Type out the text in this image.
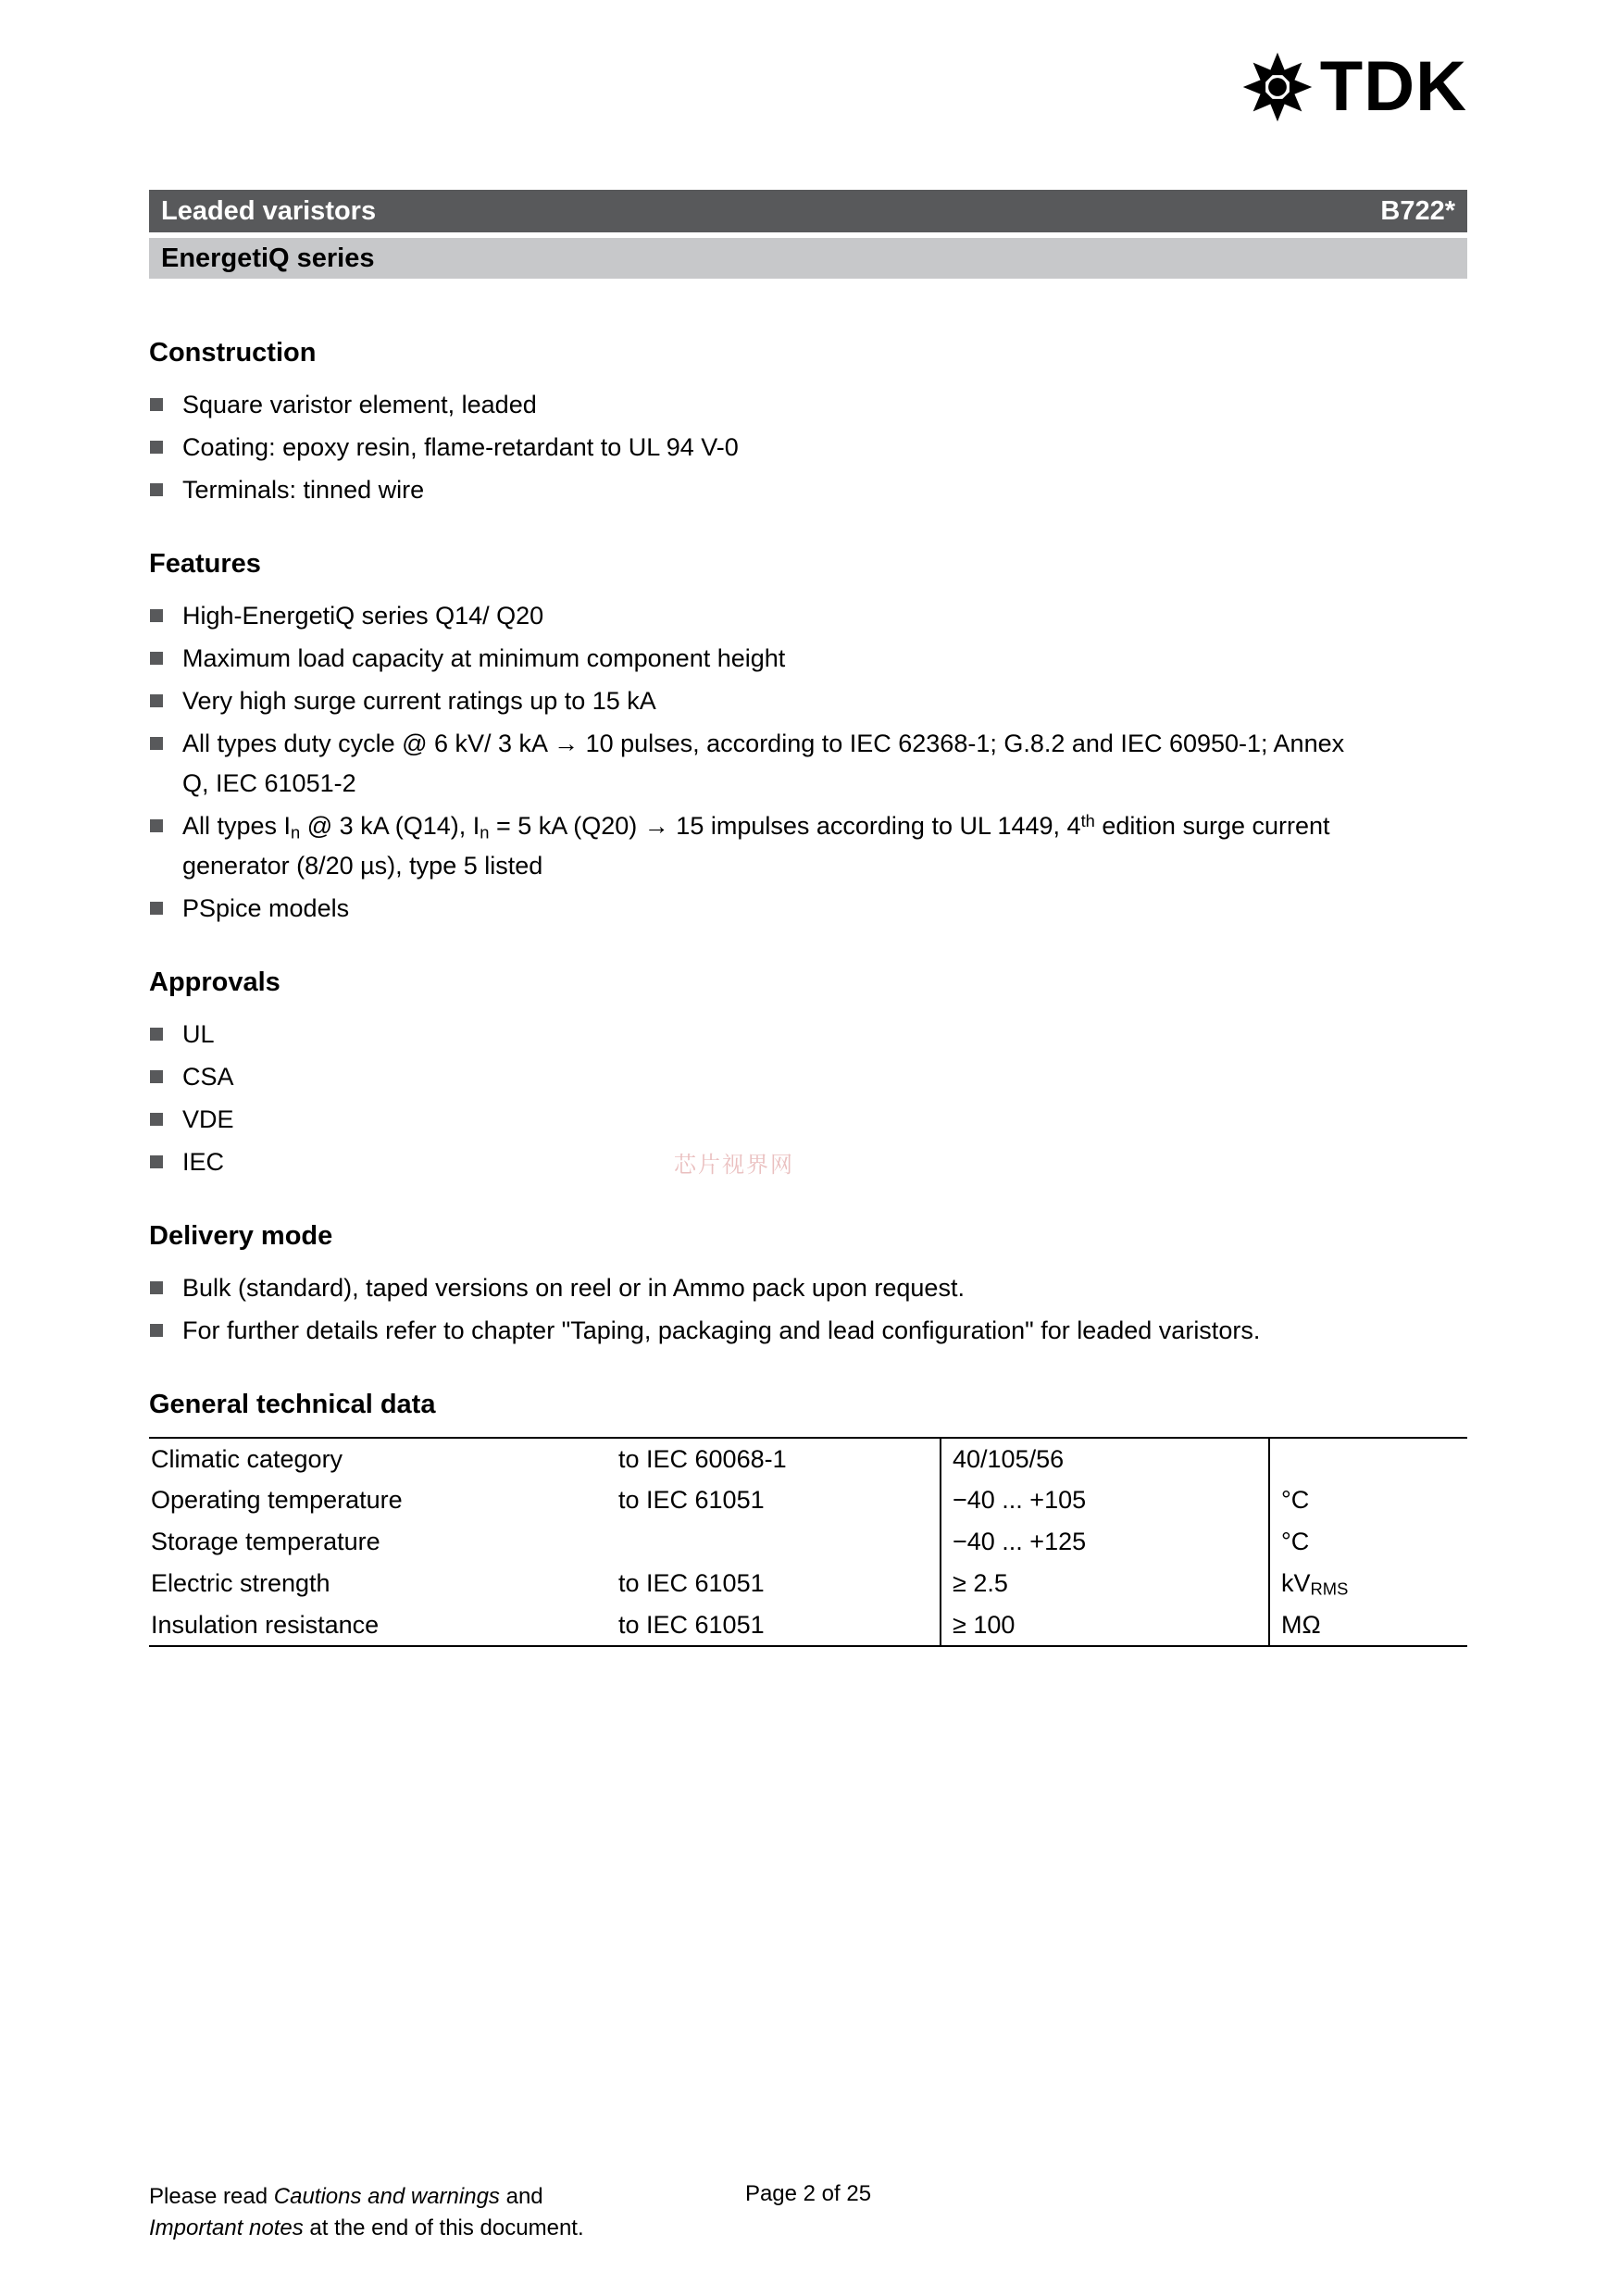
TDK
Leaded varistors	B722*
EnergetiQ series
芯片视界网
Construction
Square varistor element, leaded
Coating: epoxy resin, flame-retardant to UL 94 V-0
Terminals: tinned wire
Features
High-EnergetiQ series Q14/ Q20
Maximum load capacity at minimum component height
Very high surge current ratings up to 15 kA
All types duty cycle @ 6 kV/ 3 kA → 10 pulses, according to IEC 62368-1; G.8.2 and IEC 60950-1; Annex Q, IEC 61051-2
All types $I_n$ @ 3 kA (Q14), $I_n = 5$ kA (Q20) → 15 impulses according to UL 1449, 4th edition surge current generator (8/20 µs), type 5 listed
PSpice models
Approvals
UL
CSA
VDE
IEC
Delivery mode
Bulk (standard), taped versions on reel or in Ammo pack upon request.
For further details refer to chapter "Taping, packaging and lead configuration" for leaded varistors.
General technical data
Climatic category	to IEC 60068-1	40/105/56	
Operating temperature	to IEC 61051	−40 ... +105	°C
Storage temperature		−40 ... +125	°C
Electric strength	to IEC 61051	≥ 2.5	$kV_{RMS}$
Insulation resistance	to IEC 61051	≥ 100	MΩ
Please read Cautions and warnings and
Important notes at the end of this document.
Page 2 of 25
